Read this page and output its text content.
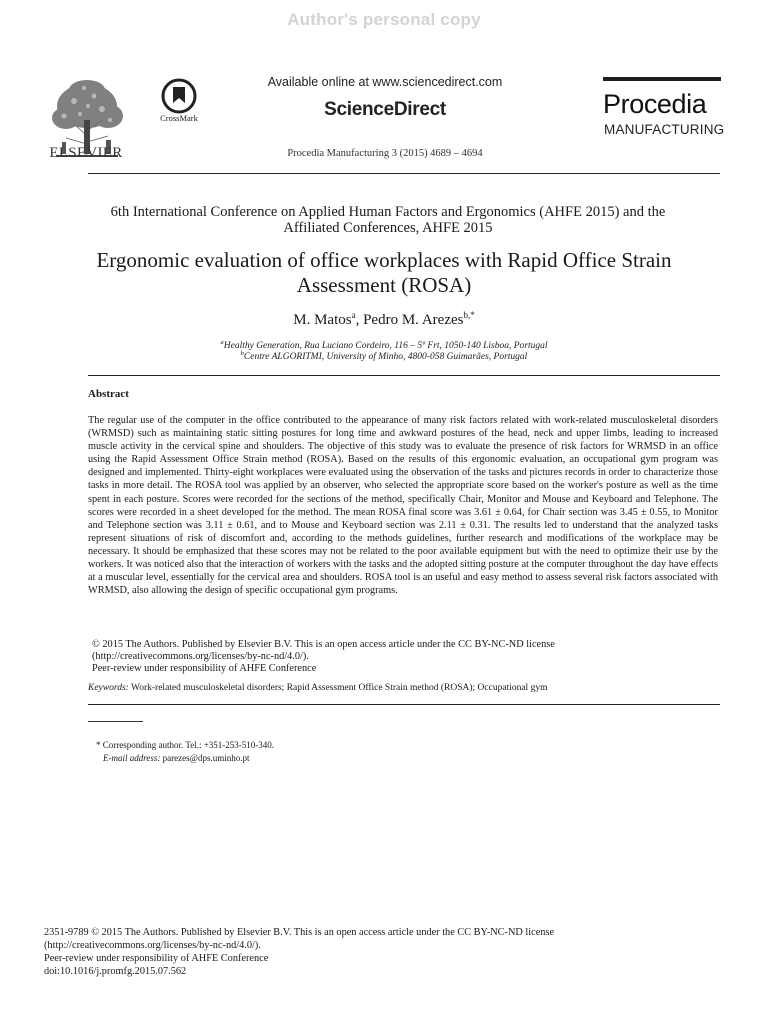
Author's personal copy
ELSEVIER
CrossMark
Available online at www.sciencedirect.com
ScienceDirect
Procedia Manufacturing 3 (2015) 4689 – 4694
Procedia
MANUFACTURING
6th International Conference on Applied Human Factors and Ergonomics (AHFE 2015) and the
Affiliated Conferences, AHFE 2015
Ergonomic evaluation of office workplaces with Rapid Office Strain
Assessment (ROSA)
M. Matos$^a$, Pedro M. Arezes$^{b,*}$
$^a$Healthy Generation, Rua Luciano Cordeiro, 116 – 5º Frt, 1050-140 Lisboa, Portugal
$^b$Centre ALGORITMI, University of Minho, 4800-058 Guimarães, Portugal
Abstract

The regular use of the computer in the office contributed to the appearance of many risk factors related with work-related musculoskeletal disorders (WRMSD) such as maintaining static sitting postures for long time and awkward postures of the head, neck and upper limbs, leading to increased muscle activity in the cervical spine and shoulders. The objective of this study was to evaluate the presence of risk factors for WRMSD in an office using the Rapid Assessment Office Strain method (ROSA). Based on the results of this ergonomic evaluation, an occupational gym program was designed and implemented. Thirty-eight workplaces were evaluated using the observation of the tasks and pictures records in order to characterize those tasks in more detail. The ROSA tool was applied by an observer, who selected the appropriate score based on the worker's posture as well as the time spent in each posture. Scores were recorded for the sections of the method, specifically Chair, Monitor and Mouse and Keyboard and Telephone. The scores were recorded in a sheet developed for the method. The mean ROSA final score was 3.61 ± 0.64, for Chair section was 3.45 ± 0.55, to Monitor and Telephone section was 3.11 ± 0.61, and to Mouse and Keyboard section was 2.11 ± 0.31. The results led to understand that the analyzed tasks represent situations of risk of discomfort and, according to the methods guidelines, further research and modifications of the workplace may be necessary. It should be emphasized that these scores may not be related to the poor available equipment but with the need to optimize their use by the workers. It was noticed also that the interaction of workers with the tasks and the adopted sitting posture at the computer throughout the day have effects at a muscular level, essentially for the cervical area and shoulders. ROSA tool is an useful and easy method to assess several risk factors associated with WRMSD, also allowing the design of specific occupational gym programs.

© 2015 The Authors. Published by Elsevier B.V. This is an open access article under the CC BY-NC-ND license
(http://creativecommons.org/licenses/by-nc-nd/4.0/).
Peer-review under responsibility of AHFE Conference
Keywords: Work-related musculoskeletal disorders; Rapid Assessment Office Strain method (ROSA); Occupational gym
* Corresponding author. Tel.: +351-253-510-340.
E-mail address: parezes@dps.uminho.pt
2351-9789 © 2015 The Authors. Published by Elsevier B.V. This is an open access article under the CC BY-NC-ND license
(http://creativecommons.org/licenses/by-nc-nd/4.0/).
Peer-review under responsibility of AHFE Conference
doi:10.1016/j.promfg.2015.07.562
